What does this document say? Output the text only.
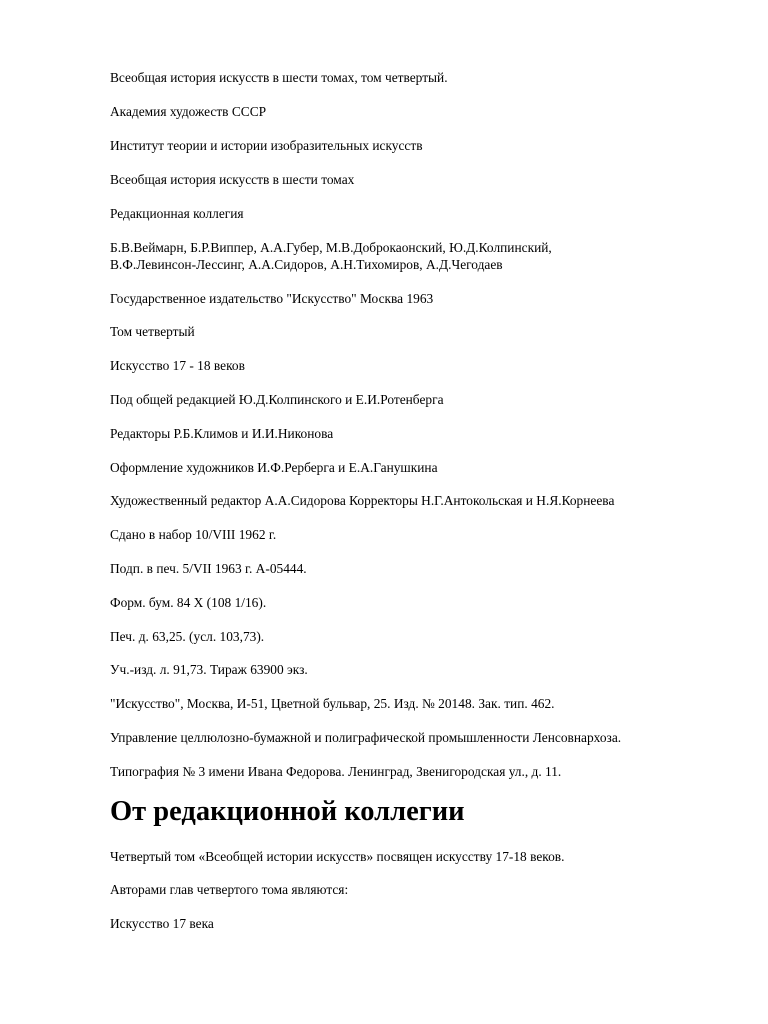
Всеобщая история искусств в шести томах, том четвертый.

Академия художеств СССР

Институт теории и истории изобразительных искусств

Всеобщая история искусств в шести томах

Редакционная коллегия

Б.В.Веймарн, Б.Р.Виппер, А.А.Губер, М.В.Доброкаонский, Ю.Д.Колпинский,

В.Ф.Левинсон-Лессинг, А.А.Сидоров, А.Н.Тихомиров, А.Д.Чегодаев

Государственное издательство "Искусство" Москва 1963

Том четвертый

Искусство 17 - 18 веков

Под общей редакцией Ю.Д.Колпинского и Е.И.Ротенберга

Редакторы Р.Б.Климов и И.И.Никонова

Оформление художников И.Ф.Рерберга и Е.А.Ганушкина

Художественный редактор А.А.Сидорова Корректоры Н.Г.Антокольская и Н.Я.Корнеева

Сдано в набор 10/VIII 1962 г.

Подп. в печ. 5/VII 1963 г. А-05444.

Форм. бум. 84 X (108 1/16).

Печ. д. 63,25. (усл. 103,73).

Уч.-изд. л. 91,73. Тираж 63900 экз.

"Искусство", Москва, И-51, Цветной бульвар, 25. Изд. № 20148. Зак. тип. 462.

Управление целлюлозно-бумажной и полиграфической промышленности Ленсовнархоза.

Типография № 3 имени Ивана Федорова. Ленинград, Звенигородская ул., д. 11.

От редакционной коллегии

Четвертый том «Всеобщей истории искусств» посвящен искусству 17-18 веков.

Авторами глав четвертого тома являются:

Искусство 17 века
